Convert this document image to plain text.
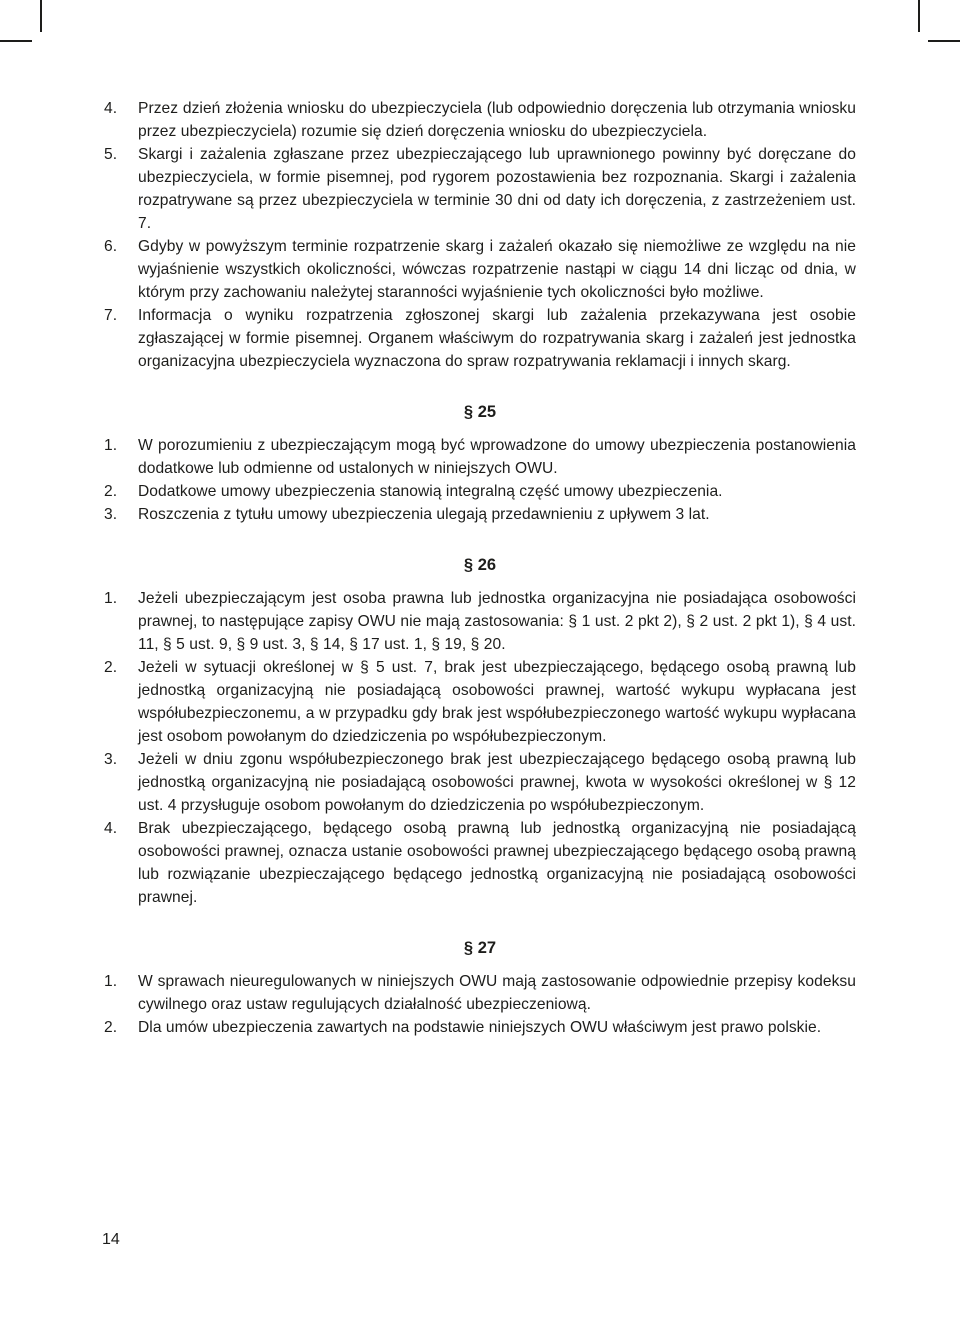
4. Przez dzień złożenia wniosku do ubezpieczyciela (lub odpowiednio doręczenia lub otrzymania wniosku przez ubezpieczyciela) rozumie się dzień doręczenia wniosku do ubezpieczyciela.
5. Skargi i zażalenia zgłaszane przez ubezpieczającego lub uprawnionego powinny być doręczane do ubezpieczyciela, w formie pisemnej, pod rygorem pozostawienia bez rozpoznania. Skargi i zażalenia rozpatrywane są przez ubezpieczyciela w terminie 30 dni od daty ich doręczenia, z zastrzeżeniem ust. 7.
6. Gdyby w powyższym terminie rozpatrzenie skarg i zażaleń okazało się niemożliwe ze względu na nie wyjaśnienie wszystkich okoliczności, wówczas rozpatrzenie nastąpi w ciągu 14 dni licząc od dnia, w którym przy zachowaniu należytej staranności wyjaśnienie tych okoliczności było możliwe.
7. Informacja o wyniku rozpatrzenia zgłoszonej skargi lub zażalenia przekazywana jest osobie zgłaszającej w formie pisemnej. Organem właściwym do rozpatrywania skarg i zażaleń jest jednostka organizacyjna ubezpieczyciela wyznaczona do spraw rozpatrywania reklamacji i innych skarg.
§ 25
1. W porozumieniu z ubezpieczającym mogą być wprowadzone do umowy ubezpieczenia postanowienia dodatkowe lub odmienne od ustalonych w niniejszych OWU.
2. Dodatkowe umowy ubezpieczenia stanowią integralną część umowy ubezpieczenia.
3. Roszczenia z tytułu umowy ubezpieczenia ulegają przedawnieniu z upływem 3 lat.
§ 26
1. Jeżeli ubezpieczającym jest osoba prawna lub jednostka organizacyjna nie posiadająca osobowości prawnej, to następujące zapisy OWU nie mają zastosowania: § 1 ust. 2 pkt 2), § 2 ust. 2 pkt 1), § 4 ust. 11, § 5 ust. 9, § 9 ust. 3, § 14, § 17 ust. 1, § 19, § 20.
2. Jeżeli w sytuacji określonej w § 5 ust. 7, brak jest ubezpieczającego, będącego osobą prawną lub jednostką organizacyjną nie posiadającą osobowości prawnej, wartość wykupu wypłacana jest współubezpieczonemu, a w przypadku gdy brak jest współubezpieczonego wartość wykupu wypłacana jest osobom powołanym do dziedziczenia po współubezpieczonym.
3. Jeżeli w dniu zgonu współubezpieczonego brak jest ubezpieczającego będącego osobą prawną lub jednostką organizacyjną nie posiadającą osobowości prawnej, kwota w wysokości określonej w § 12 ust. 4 przysługuje osobom powołanym do dziedziczenia po współubezpieczonym.
4. Brak ubezpieczającego, będącego osobą prawną lub jednostką organizacyjną nie posiadającą osobowości prawnej, oznacza ustanie osobowości prawnej ubezpieczającego będącego osobą prawną lub rozwiązanie ubezpieczającego będącego jednostką organizacyjną nie posiadającą osobowości prawnej.
§ 27
1. W sprawach nieuregulowanych w niniejszych OWU mają zastosowanie odpowiednie przepisy kodeksu cywilnego oraz ustaw regulujących działalność ubezpieczeniową.
2. Dla umów ubezpieczenia zawartych na podstawie niniejszych OWU właściwym jest prawo polskie.
14
